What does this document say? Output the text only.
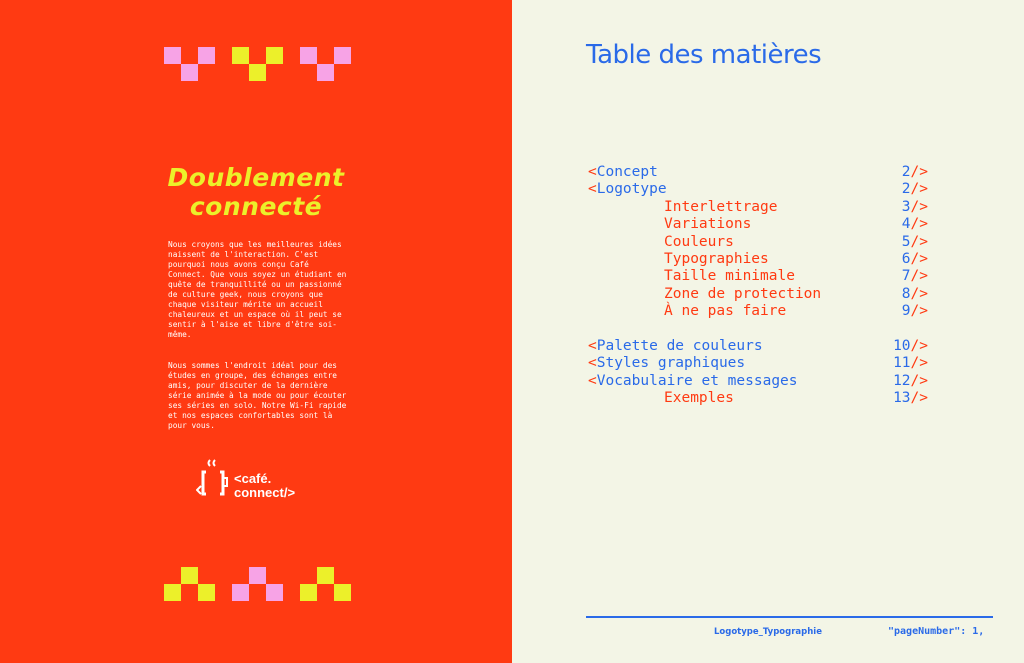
Doublement
connecté

Nous croyons que les meilleures idées naissent de l'interaction. C'est pourquoi nous avons conçu Café Connect. Que vous soyez un étudiant en quête de tranquillité ou un passionné de culture geek, nous croyons que chaque visiteur mérite un accueil chaleureux et un espace où il peut se sentir à l'aise et libre d'être soi-même.

Nous sommes l'endroit idéal pour des études en groupe, des échanges entre amis, pour discuter de la dernière série animée à la mode ou pour écouter ses séries en solo. Notre Wi-Fi rapide et nos espaces confortables sont là pour vous.

<café.
connect/>
Table des matières
<Concept	2/>
<Logotype	2/>
Interlettrage	3/>
Variations	4/>
Couleurs	5/>
Typographies	6/>
Taille minimale	7/>
Zone de protection	8/>
À ne pas faire	9/>
<Palette de couleurs	10/>
<Styles graphiques	11/>
<Vocabulaire et messages	12/>
Exemples	13/>
Logotype_Typographie	"pageNumber": 1,
